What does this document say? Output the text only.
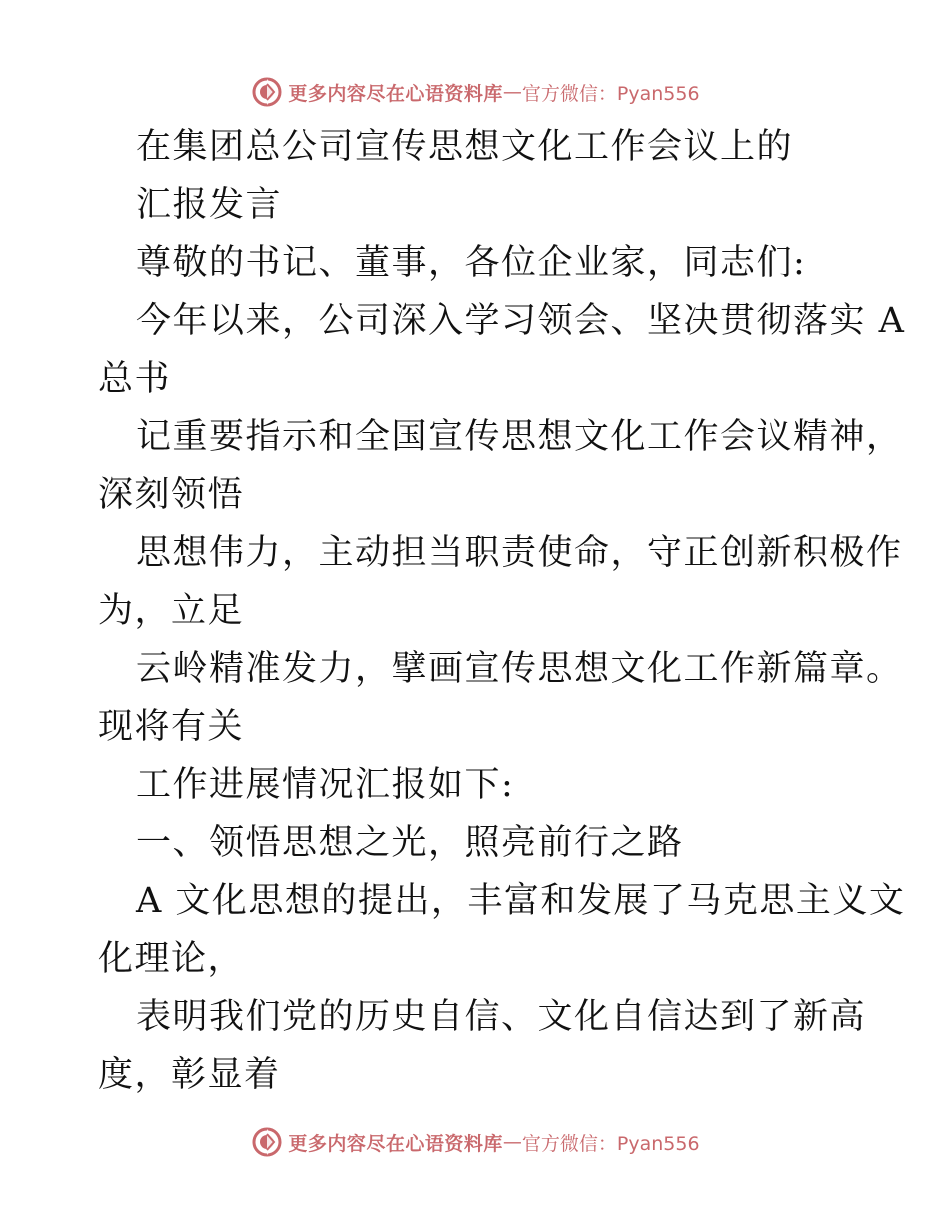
更多内容尽在心语资料库 — 官方微信：Pyan556
在集团总公司宣传思想文化工作会议上的
汇报发言
尊敬的书记、董事，各位企业家，同志们:
今年以来，公司深入学习领会、坚决贯彻落实 A
总书
记重要指示和全国宣传思想文化工作会议精神，
深刻领悟
思想伟力，主动担当职责使命，守正创新积极作
为，立足
云岭精准发力，擘画宣传思想文化工作新篇章。
现将有关
工作进展情况汇报如下:
一、领悟思想之光，照亮前行之路
A 文化思想的提出，丰富和发展了马克思主义文
化理论，
表明我们党的历史自信、文化自信达到了新高
度，彰显着
更多内容尽在心语资料库 — 官方微信：Pyan556
